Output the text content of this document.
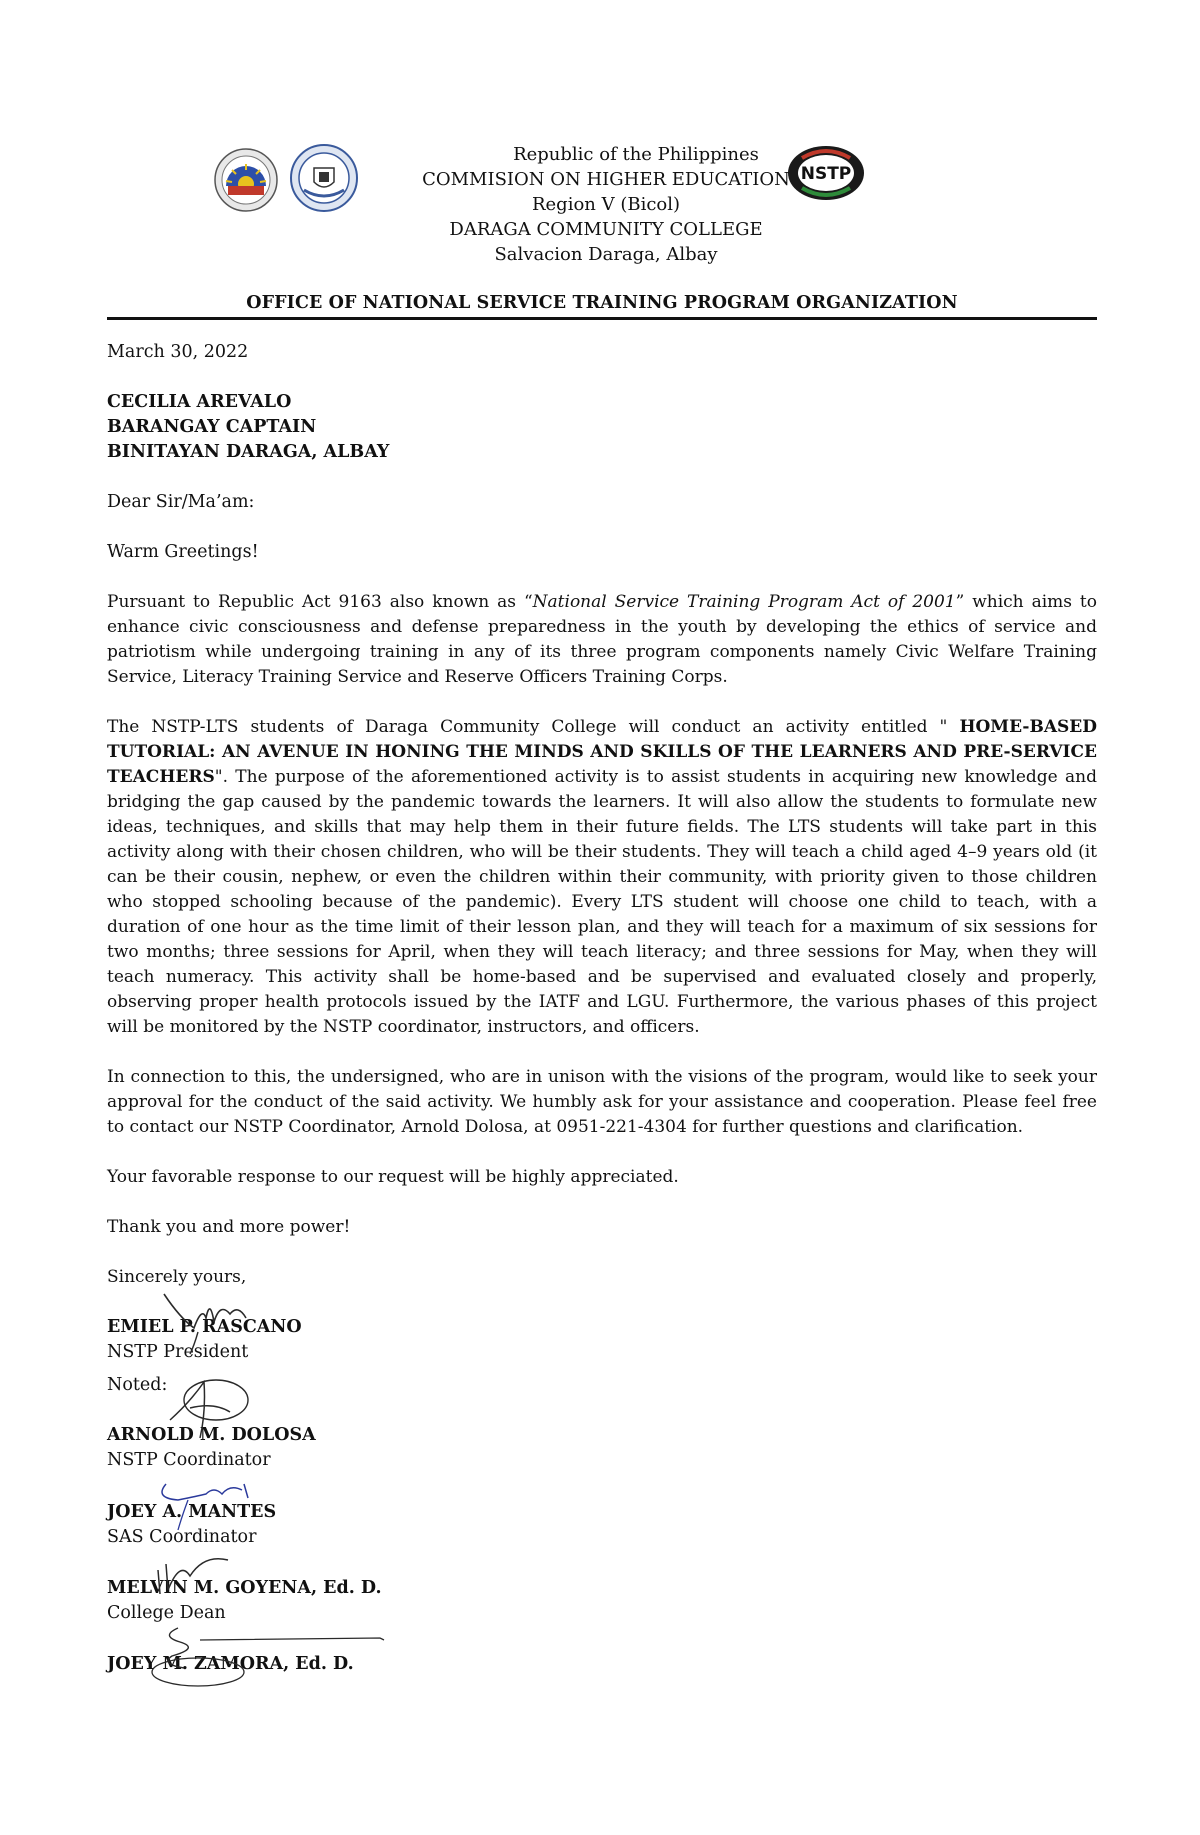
NSTP
Republic of the Philippines
COMMISION ON HIGHER EDUCATION
Region V (Bicol)
DARAGA COMMUNITY COLLEGE
Salvacion Daraga, Albay
OFFICE OF NATIONAL SERVICE TRAINING PROGRAM ORGANIZATION
March 30, 2022
CECILIA AREVALO
BARANGAY CAPTAIN
BINITAYAN DARAGA, ALBAY
Dear Sir/Ma’am:
Warm Greetings!
Pursuant to Republic Act 9163 also known as “National Service Training Program Act of 2001” which aims to enhance civic consciousness and defense preparedness in the youth by developing the ethics of service and patriotism while undergoing training in any of its three program components namely Civic Welfare Training Service, Literacy Training Service and Reserve Officers Training Corps.
The NSTP-LTS students of Daraga Community College will conduct an activity entitled " HOME-BASED TUTORIAL: AN AVENUE IN HONING THE MINDS AND SKILLS OF THE LEARNERS AND PRE-SERVICE TEACHERS". The purpose of the aforementioned activity is to assist students in acquiring new knowledge and bridging the gap caused by the pandemic towards the learners. It will also allow the students to formulate new ideas, techniques, and skills that may help them in their future fields. The LTS students will take part in this activity along with their chosen children, who will be their students. They will teach a child aged 4–9 years old (it can be their cousin, nephew, or even the children within their community, with priority given to those children who stopped schooling because of the pandemic). Every LTS student will choose one child to teach, with a duration of one hour as the time limit of their lesson plan, and they will teach for a maximum of six sessions for two months; three sessions for April, when they will teach literacy; and three sessions for May, when they will teach numeracy. This activity shall be home-based and be supervised and evaluated closely and properly, observing proper health protocols issued by the IATF and LGU. Furthermore, the various phases of this project will be monitored by the NSTP coordinator, instructors, and officers.
In connection to this, the undersigned, who are in unison with the visions of the program, would like to seek your approval for the conduct of the said activity. We humbly ask for your assistance and cooperation. Please feel free to contact our NSTP Coordinator, Arnold Dolosa, at 0951-221-4304 for further questions and clarification.
Your favorable response to our request will be highly appreciated.
Thank you and more power!
Sincerely yours,
EMIEL P. RASCANO
NSTP President
Noted:
ARNOLD M. DOLOSA
NSTP Coordinator
JOEY A. MANTES
SAS Coordinator
MELVIN M. GOYENA, Ed. D.
College Dean
JOEY M. ZAMORA, Ed. D.
